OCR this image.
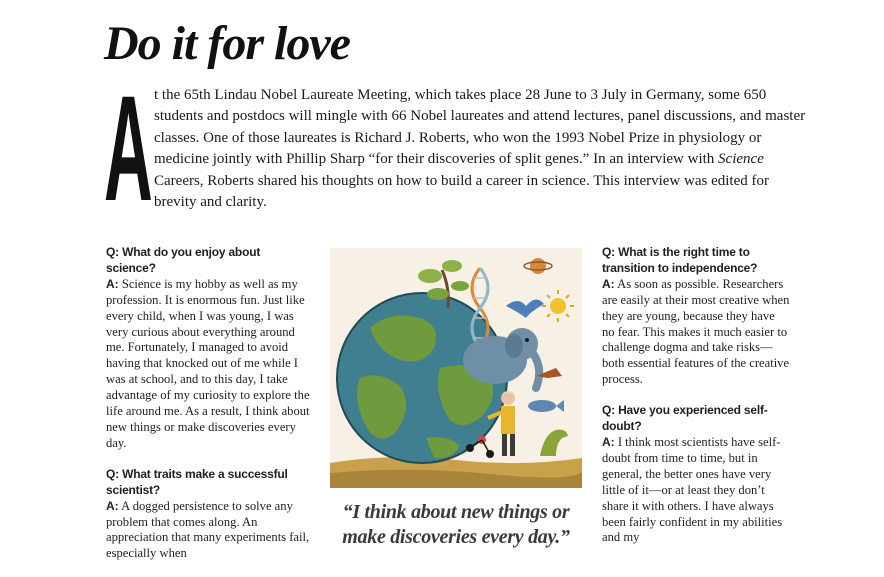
Do it for love
A t the 65th Lindau Nobel Laureate Meeting, which takes place 28 June to 3 July in Germany, some 650 students and postdocs will mingle with 66 Nobel laureates and attend lectures, panel discussions, and master classes. One of those laureates is Richard J. Roberts, who won the 1993 Nobel Prize in physiology or medicine jointly with Phillip Sharp “for their discoveries of split genes.” In an interview with Science Careers, Roberts shared his thoughts on how to build a career in science. This interview was edited for brevity and clarity.

Q: What do you enjoy about science?
A: Science is my hobby as well as my profession. It is enormous fun. Just like every child, when I was young, I was very curious about everything around me. Fortunately, I managed to avoid having that knocked out of me while I was at school, and to this day, I take advantage of my curiosity to explore the life around me. As a result, I think about new things or make discoveries every day.

Q: What traits make a successful scientist?
A: A dogged persistence to solve any problem that comes along. An appreciation that many experiments fail, especially when

“I think about new things or make discoveries every day.”

Q: What is the right time to transition to independence?
A: As soon as possible. Researchers are easily at their most creative when they are young, because they have no fear. This makes it much easier to challenge dogma and take risks—both essential features of the creative process.

Q: Have you experienced self-doubt?
A: I think most scientists have self-doubt from time to time, but in general, the better ones have very little of it—or at least they don’t share it with others. I have always been fairly confident in my abilities and my
